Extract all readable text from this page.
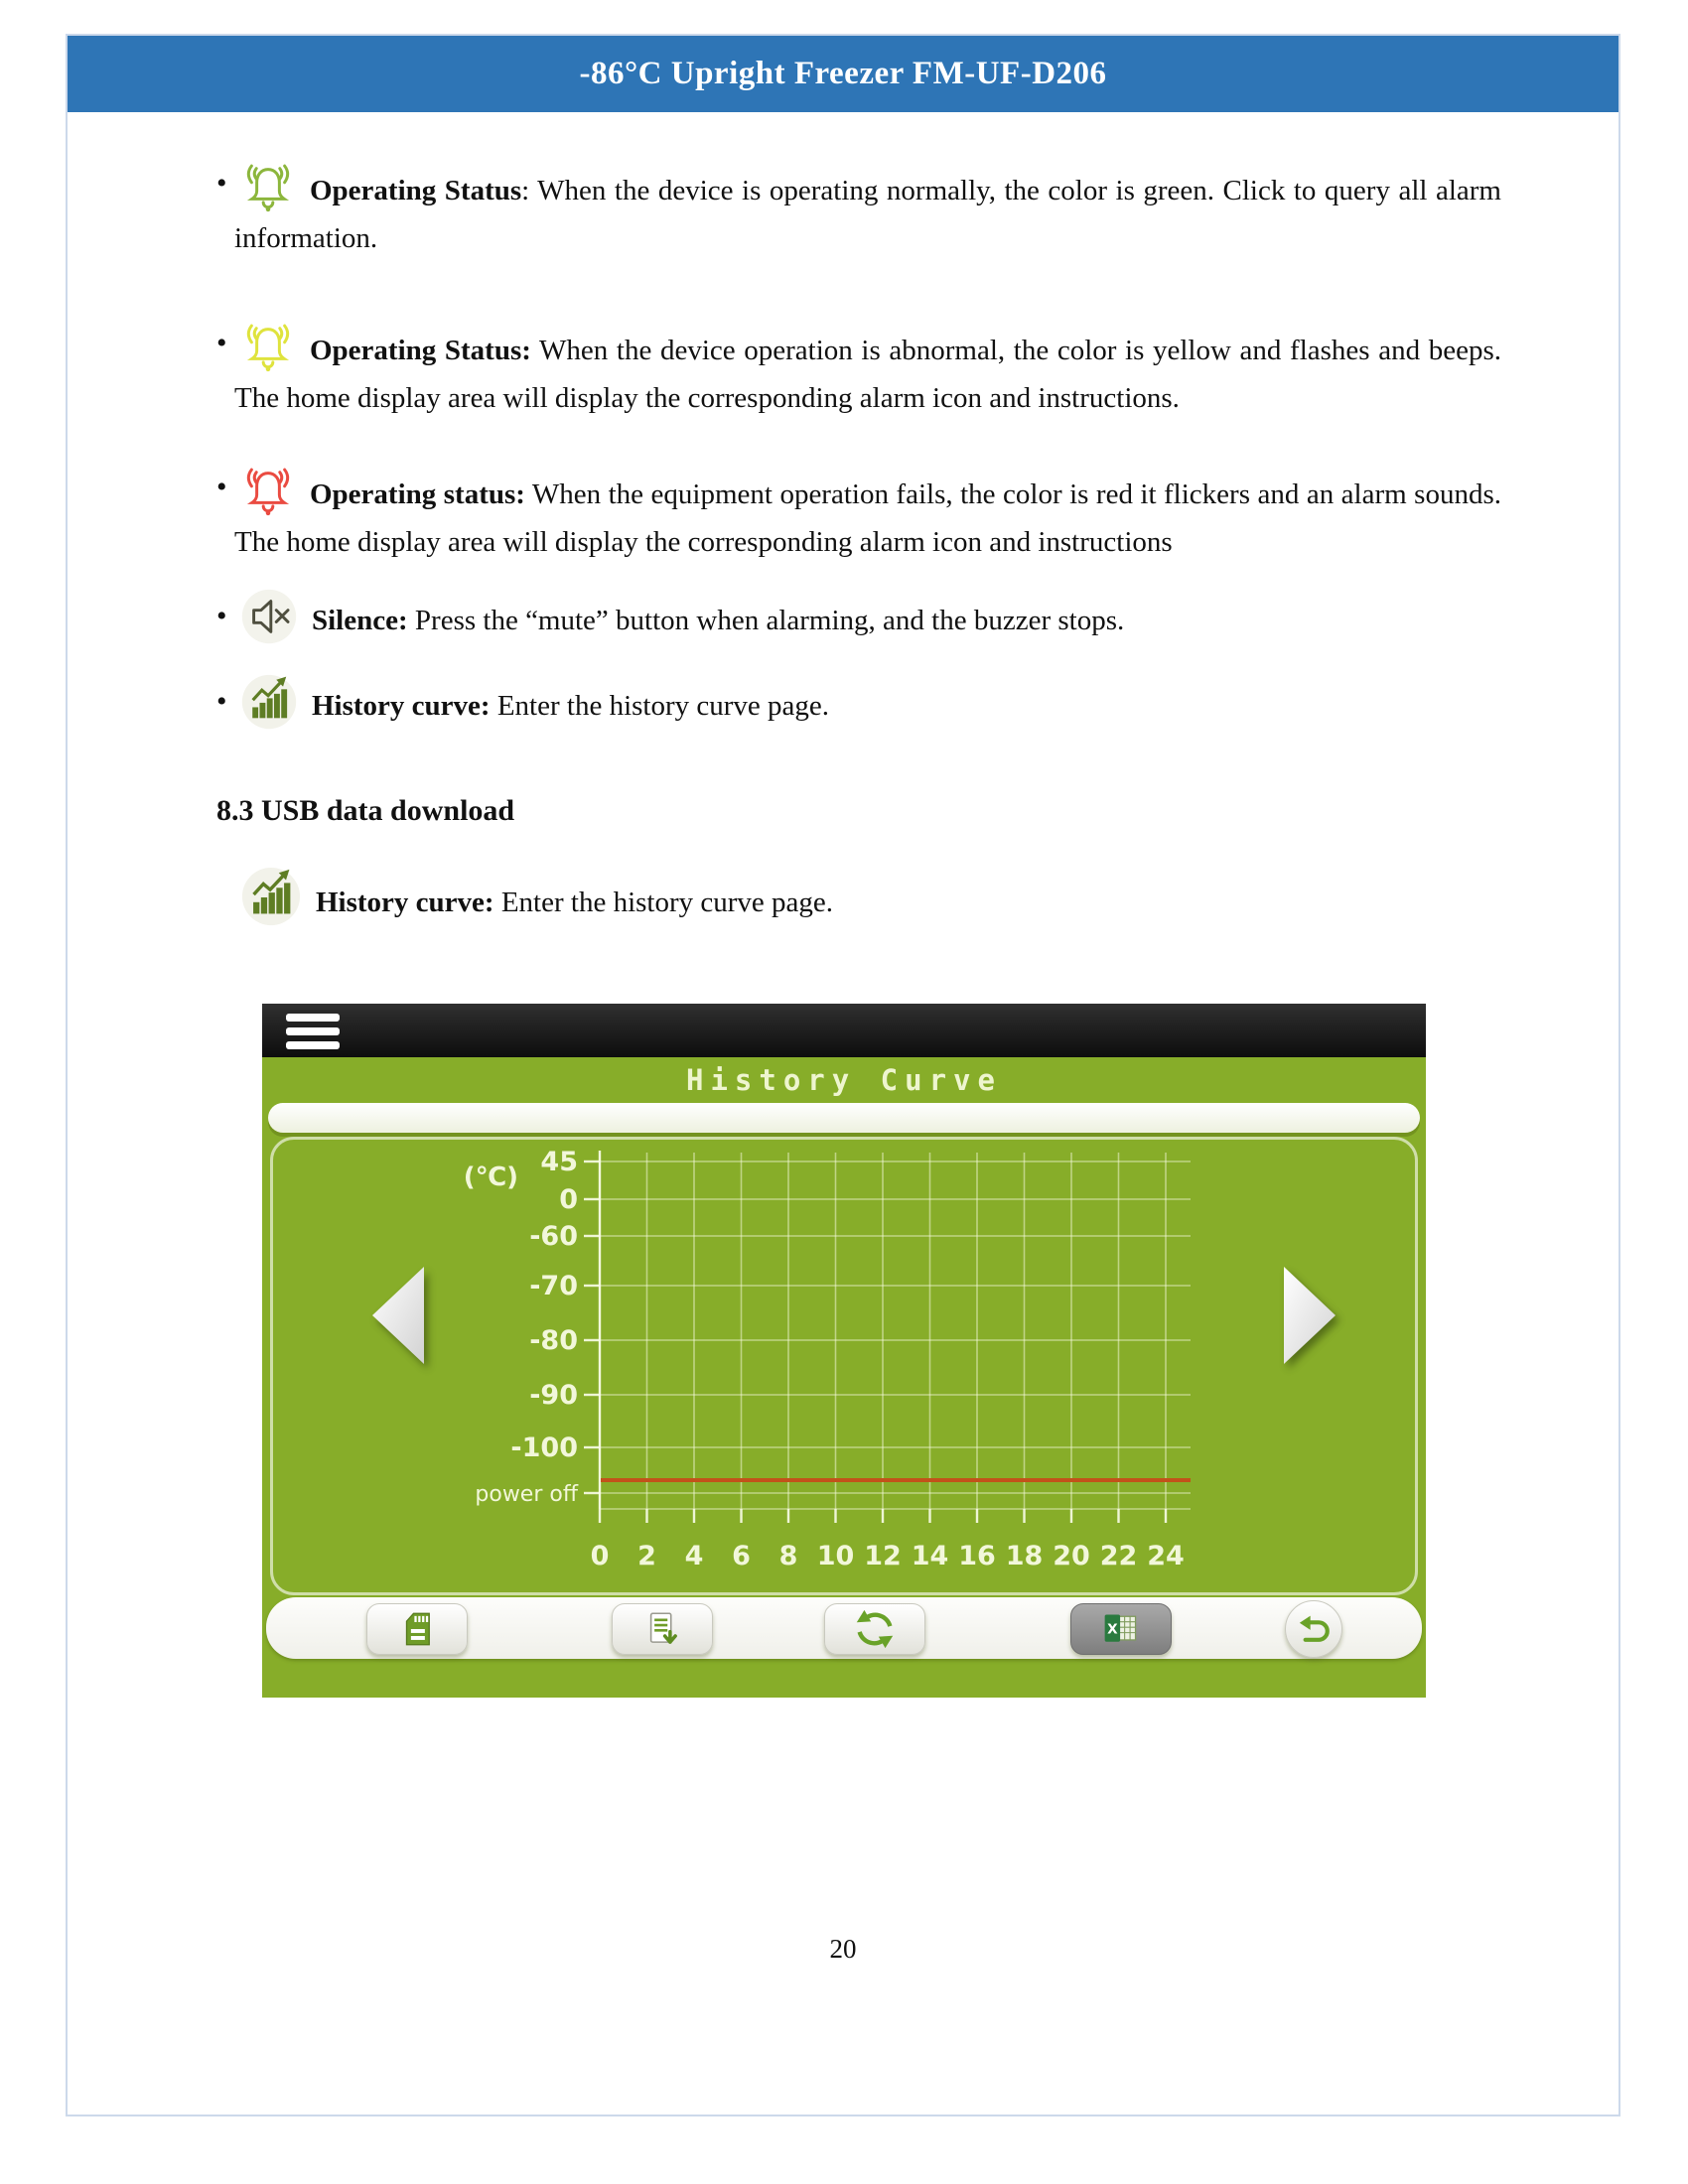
-86°C Upright Freezer FM-UF-D206
•	Operating Status: When the device is operating normally, the color is green. Click to query all alarm information.
•	Operating Status: When the device operation is abnormal, the color is yellow and flashes and beeps. The home display area will display the corresponding alarm icon and instructions.
•	Operating status: When the equipment operation fails, the color is red it flickers and an alarm sounds. The home display area will display the corresponding alarm icon and instructions
•	Silence: Press the “mute” button when alarming, and the buzzer stops.
•	History curve: Enter the history curve page.
8.3 USB data download
History curve: Enter the history curve page.
History Curve
(℃) 45
0
-60
-70
-80
-90
-100
power off
0 2 4 6 8 10 12 14 16 18 20 22 24
X
20
